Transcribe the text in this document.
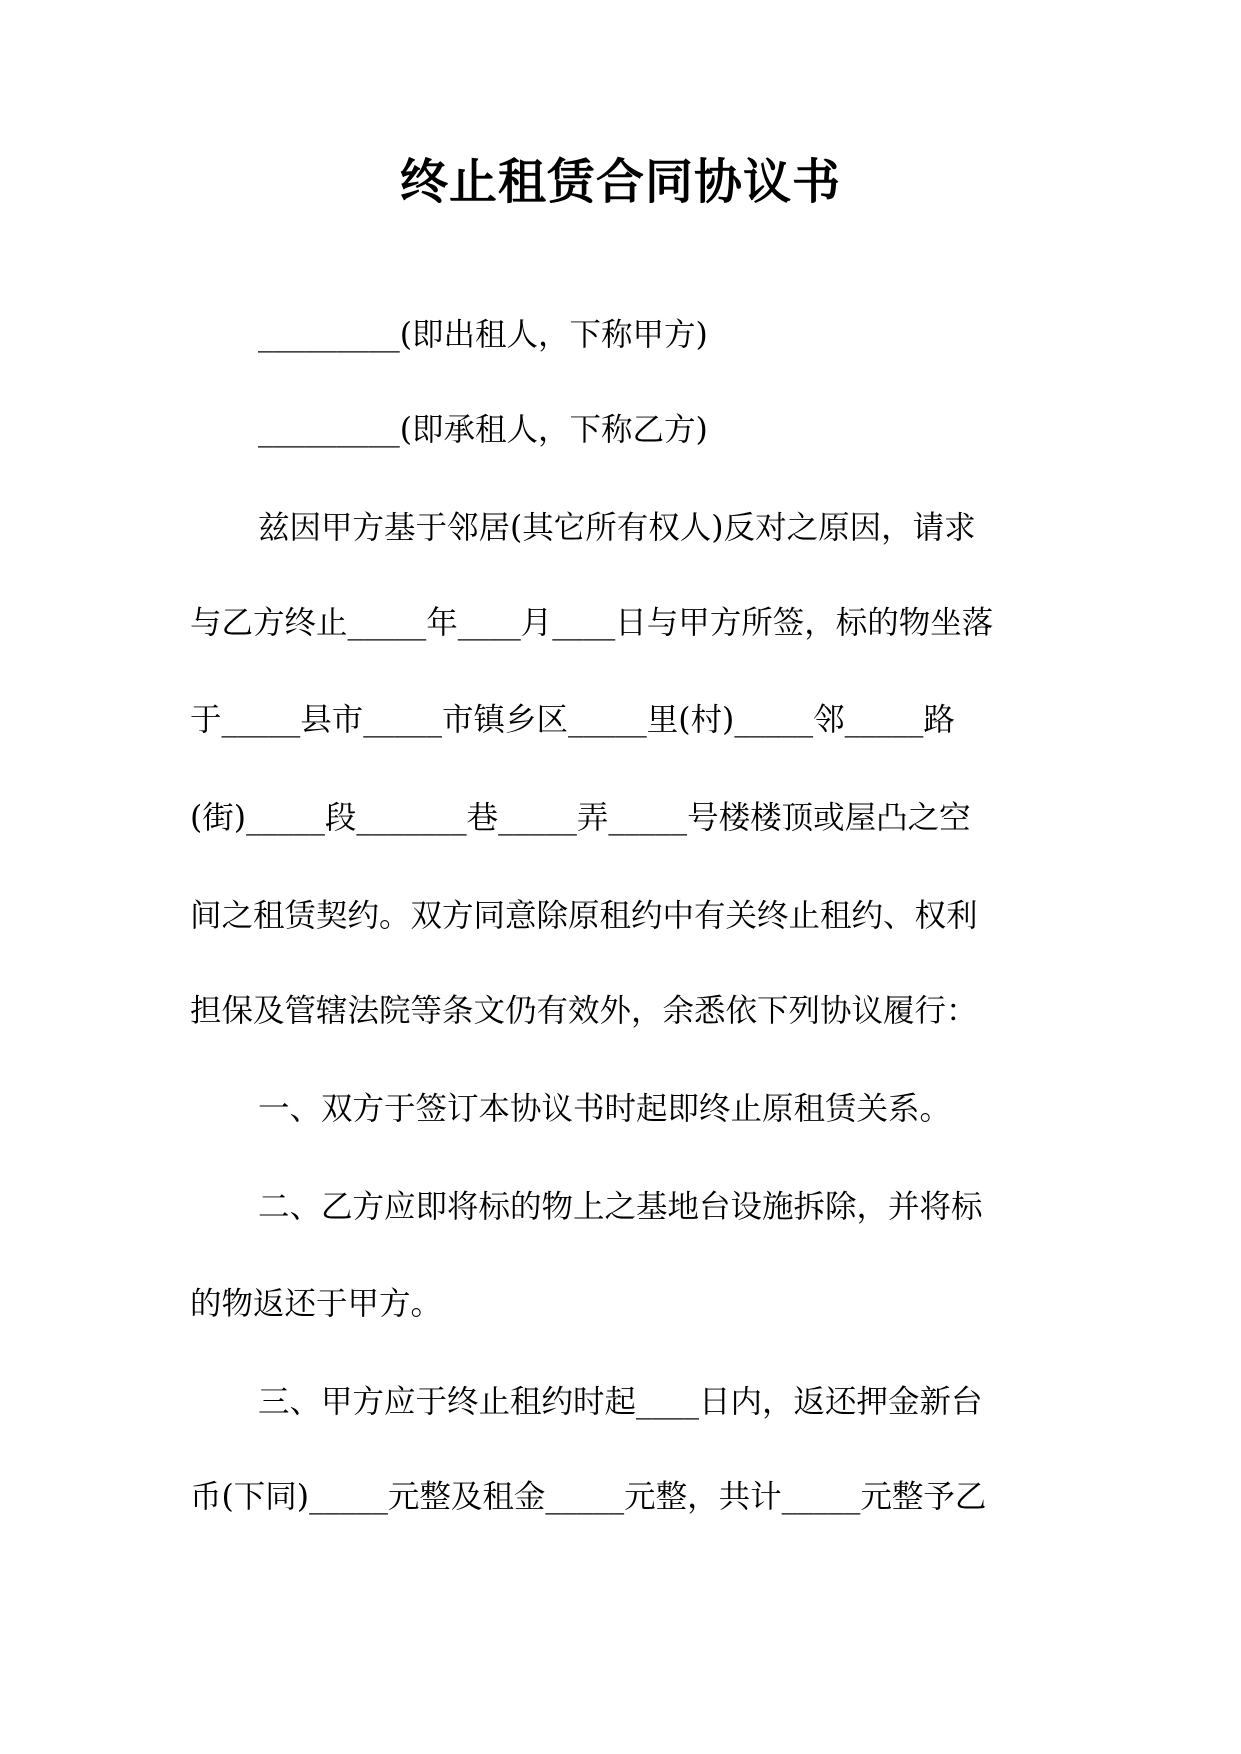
终止租赁合同协议书
_________(即出租人，下称甲方)
_________(即承租人，下称乙方)
兹因甲方基于邻居(其它所有权人)反对之原因，请求
与乙方终止_____年____月____日与甲方所签，标的物坐落
于_____县市_____市镇乡区_____里(村)_____邻_____路
(街)_____段_______巷_____弄_____号楼楼顶或屋凸之空
间之租赁契约。双方同意除原租约中有关终止租约、权利
担保及管辖法院等条文仍有效外，余悉依下列协议履行：
一、双方于签订本协议书时起即终止原租赁关系。
二、乙方应即将标的物上之基地台设施拆除，并将标
的物返还于甲方。
三、甲方应于终止租约时起____日内，返还押金新台
币(下同)_____元整及租金_____元整，共计_____元整予乙
